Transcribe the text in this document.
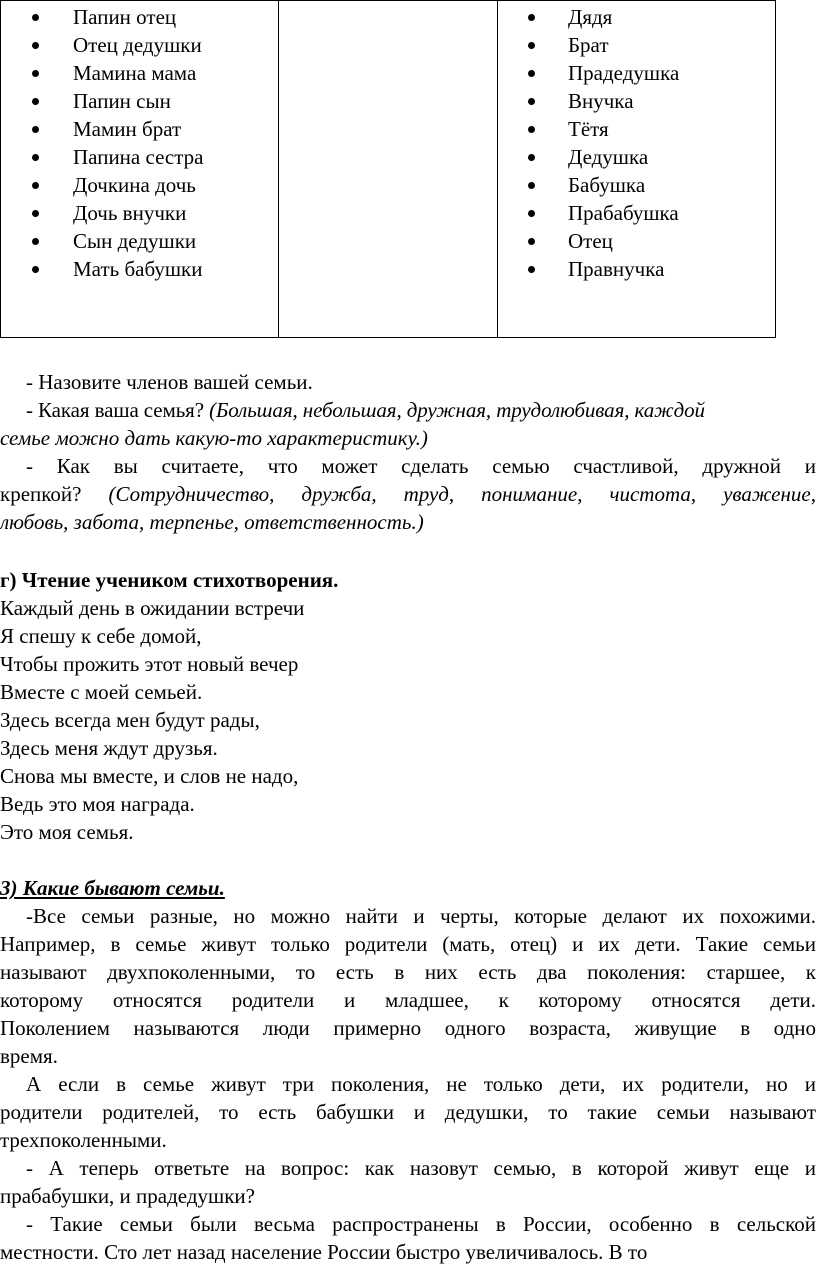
Папин отец
Отец дедушки
Мамина мама
Папин сын
Мамин брат
Папина сестра
Дочкина дочь
Дочь внучки
Сын дедушки
Мать бабушки

Дядя
Брат
Прадедушка
Внучка
Тётя
Дедушка
Бабушка
Прабабушка
Отец
Правнучка
- Назовите членов вашей семьи.
- Какая ваша семья? (Большая, небольшая, дружная, трудолюбивая, каждой
семье можно дать какую-то характеристику.)
- Как вы считаете, что может сделать семью счастливой, дружной и
крепкой? (Сотрудничество, дружба, труд, понимание, чистота, уважение,
любовь, забота, терпенье, ответственность.)
г) Чтение учеником стихотворения.
Каждый день в ожидании встречи
Я спешу к себе домой,
Чтобы прожить этот новый вечер
Вместе с моей семьей.
Здесь всегда мен будут рады,
Здесь меня ждут друзья.
Снова мы вместе, и слов не надо,
Ведь это моя награда.
Это моя семья.
3) Какие бывают семьи.
-Все семьи разные, но можно найти и черты, которые делают их похожими.
Например, в семье живут только родители (мать, отец) и их дети. Такие семьи
называют двухпоколенными, то есть в них есть два поколения: старшее, к
которому относятся родители и младшее, к которому относятся дети.
Поколением называются люди примерно одного возраста, живущие в одно
время.
А если в семье живут три поколения, не только дети, их родители, но и
родители родителей, то есть бабушки и дедушки, то такие семьи называют
трехпоколенными.
- А теперь ответьте на вопрос: как назовут семью, в которой живут еще и
прабабушки, и прадедушки?
- Такие семьи были весьма распространены в России, особенно в сельской
местности. Сто лет назад население России быстро увеличивалось. В то
